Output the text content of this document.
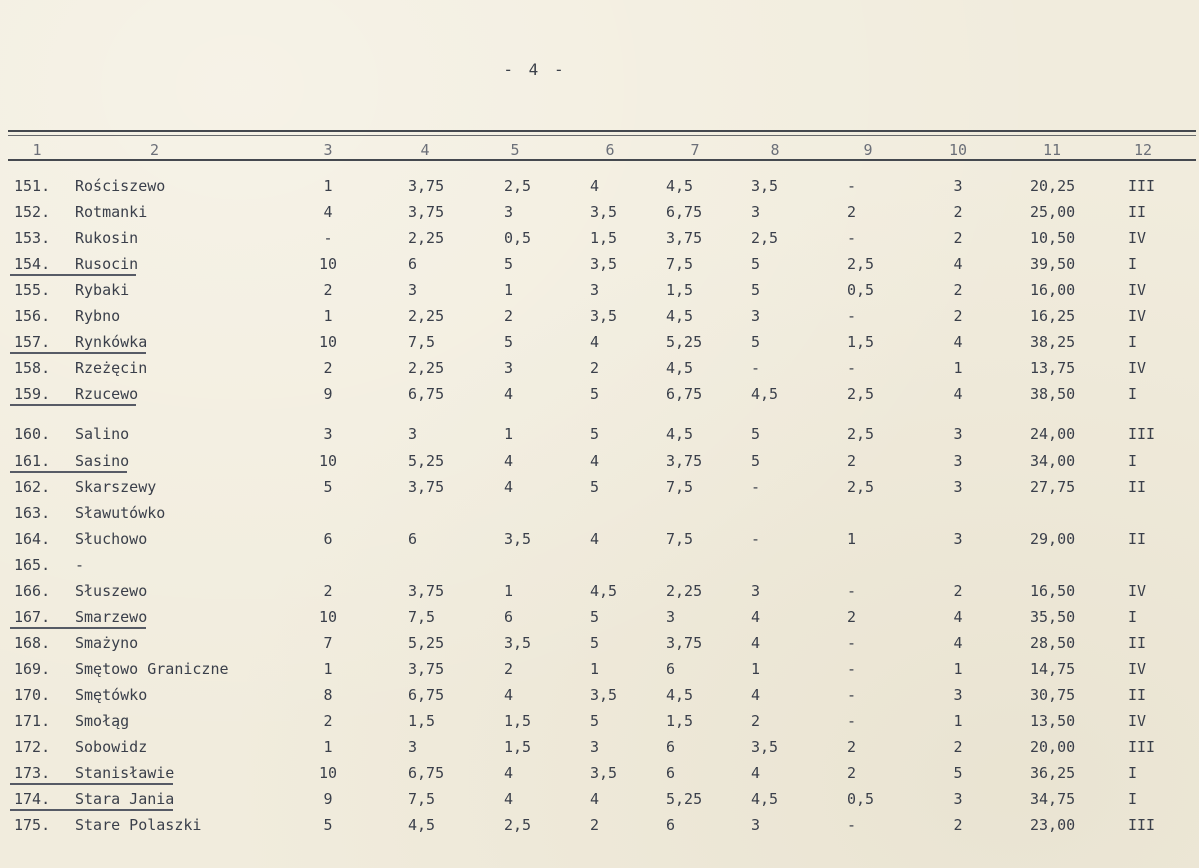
- 4 -
1	2	3	4	5	6	7	8	9	10	11	12
151. Rościszewo	1	3,75	2,5	4	4,5	3,5	-	3	20,25	III
152. Rotmanki	4	3,75	3	3,5	6,75	3	2	2	25,00	II
153. Rukosin	-	2,25	0,5	1,5	3,75	2,5	-	2	10,50	IV
154. Rusocin	10	6	5	3,5	7,5	5	2,5	4	39,50	I
155. Rybaki	2	3	1	3	1,5	5	0,5	2	16,00	IV
156. Rybno	1	2,25	2	3,5	4,5	3	-	2	16,25	IV
157. Rynkówka	10	7,5	5	4	5,25	5	1,5	4	38,25	I
158. Rzeżęcin	2	2,25	3	2	4,5	-	-	1	13,75	IV
159. Rzucewo	9	6,75	4	5	6,75	4,5	2,5	4	38,50	I
160. Salino	3	3	1	5	4,5	5	2,5	3	24,00	III
161. Sasino	10	5,25	4	4	3,75	5	2	3	34,00	I
162. Skarszewy	5	3,75	4	5	7,5	-	2,5	3	27,75	II
163. Sławutówko
164. Słuchowo	6	6	3,5	4	7,5	-	1	3	29,00	II
165. -
166. Słuszewo	2	3,75	1	4,5	2,25	3	-	2	16,50	IV
167. Smarzewo	10	7,5	6	5	3	4	2	4	35,50	I
168. Smażyno	7	5,25	3,5	5	3,75	4	-	4	28,50	II
169. Smętowo Graniczne	1	3,75	2	1	6	1	-	1	14,75	IV
170. Smętówko	8	6,75	4	3,5	4,5	4	-	3	30,75	II
171. Smołąg	2	1,5	1,5	5	1,5	2	-	1	13,50	IV
172. Sobowidz	1	3	1,5	3	6	3,5	2	2	20,00	III
173. Stanisławie	10	6,75	4	3,5	6	4	2	5	36,25	I
174. Stara Jania	9	7,5	4	4	5,25	4,5	0,5	3	34,75	I
175. Stare Polaszki	5	4,5	2,5	2	6	3	-	2	23,00	III
